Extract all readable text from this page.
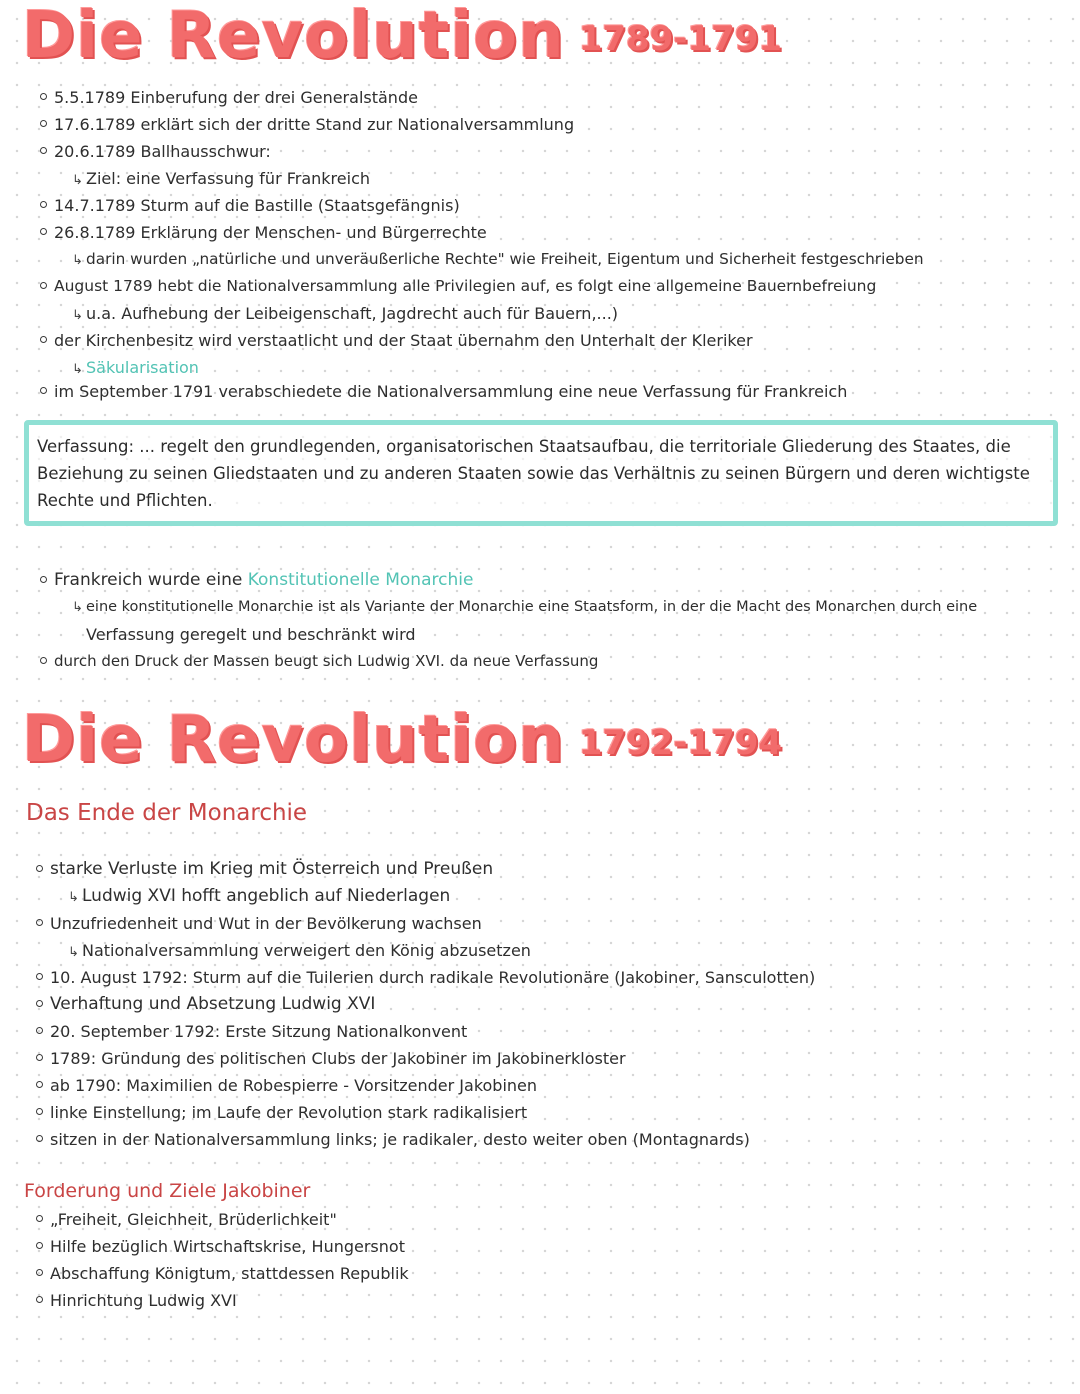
Die Revolution 1789-1791
5.5.1789 Einberufung der drei Generalstände
17.6.1789 erklärt sich der dritte Stand zur Nationalversammlung
20.6.1789 Ballhausschwur:
↳ Ziel: eine Verfassung für Frankreich
14.7.1789 Sturm auf die Bastille (Staatsgefängnis)
26.8.1789 Erklärung der Menschen- und Bürgerrechte
↳ darin wurden „natürliche und unveräußerliche Rechte" wie Freiheit, Eigentum und Sicherheit festgeschrieben
August 1789 hebt die Nationalversammlung alle Privilegien auf, es folgt eine allgemeine Bauernbefreiung
↳ u.a. Aufhebung der Leibeigenschaft, Jagdrecht auch für Bauern,...)
der Kirchenbesitz wird verstaatlicht und der Staat übernahm den Unterhalt der Kleriker
↳ Säkularisation
im September 1791 verabschiedete die Nationalversammlung eine neue Verfassung für Frankreich
Verfassung: ... regelt den grundlegenden, organisatorischen Staatsaufbau, die territoriale Gliederung des Staates, die Beziehung zu seinen Gliedstaaten und zu anderen Staaten sowie das Verhältnis zu seinen Bürgern und deren wichtigste Rechte und Pflichten.
Frankreich wurde eine Konstitutionelle Monarchie
↳ eine konstitutionelle Monarchie ist als Variante der Monarchie eine Staatsform, in der die Macht des Monarchen durch eine
Verfassung geregelt und beschränkt wird
durch den Druck der Massen beugt sich Ludwig XVI. da neue Verfassung
Die Revolution 1792-1794
Das Ende der Monarchie
starke Verluste im Krieg mit Österreich und Preußen
↳ Ludwig XVI hofft angeblich auf Niederlagen
Unzufriedenheit und Wut in der Bevölkerung wachsen
↳ Nationalversammlung verweigert den König abzusetzen
10. August 1792: Sturm auf die Tuilerien durch radikale Revolutionäre (Jakobiner, Sansculotten)
Verhaftung und Absetzung Ludwig XVI
20. September 1792: Erste Sitzung Nationalkonvent
1789: Gründung des politischen Clubs der Jakobiner im Jakobinerkloster
ab 1790: Maximilien de Robespierre - Vorsitzender Jakobinen
linke Einstellung; im Laufe der Revolution stark radikalisiert
sitzen in der Nationalversammlung links; je radikaler, desto weiter oben (Montagnards)
Forderung und Ziele Jakobiner
„Freiheit, Gleichheit, Brüderlichkeit"
Hilfe bezüglich Wirtschaftskrise, Hungersnot
Abschaffung Königtum, stattdessen Republik
Hinrichtung Ludwig XVI
